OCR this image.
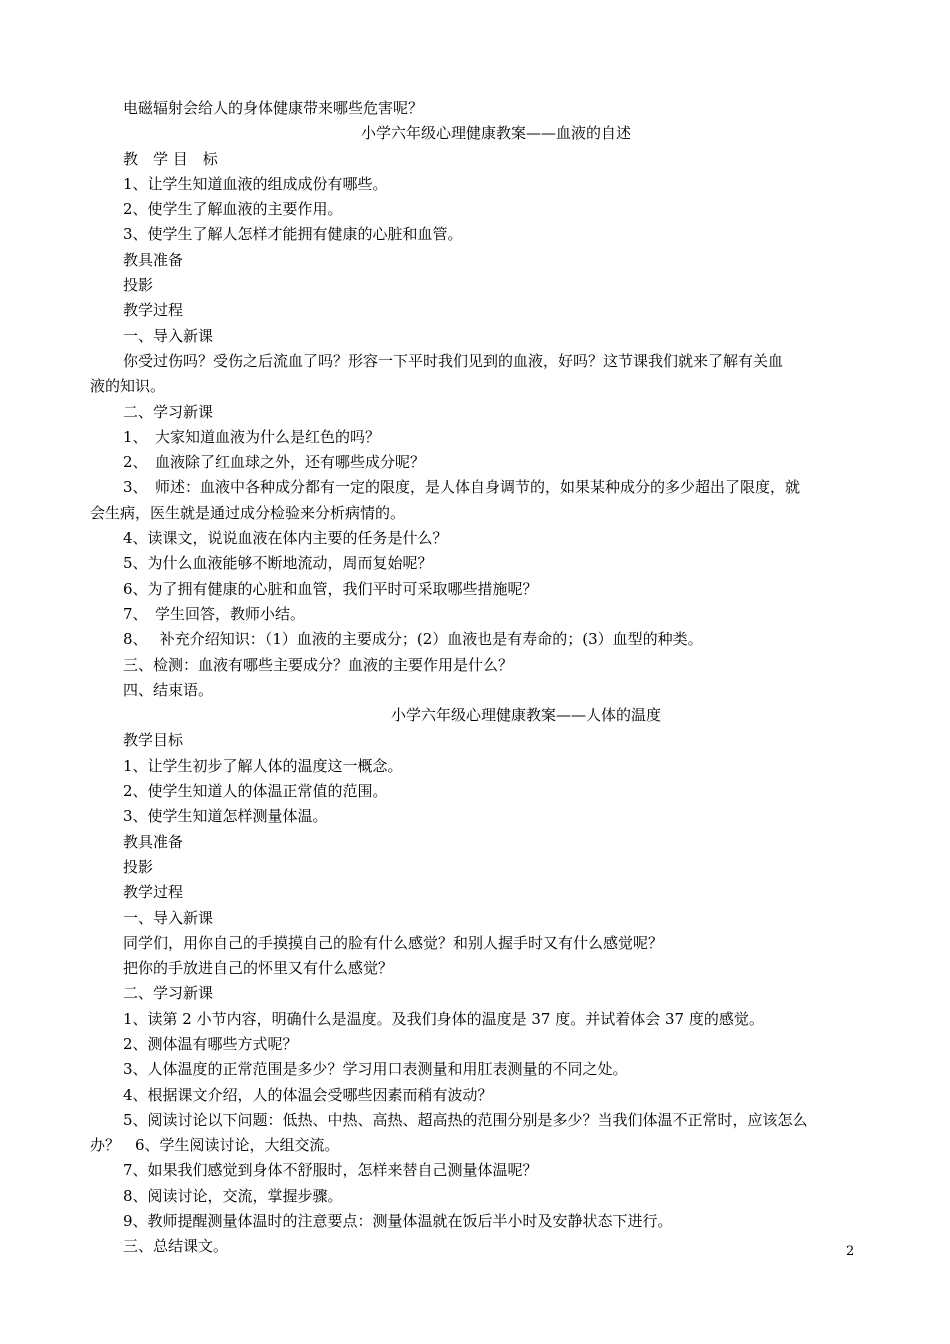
电磁辐射会给人的身体健康带来哪些危害呢？
小学六年级心理健康教案——血液的自述
教　学 目　标
1、让学生知道血液的组成成份有哪些。
2、使学生了解血液的主要作用。
3、使学生了解人怎样才能拥有健康的心脏和血管。
教具准备
投影
教学过程
一、导入新课
你受过伤吗？受伤之后流血了吗？形容一下平时我们见到的血液，好吗？这节课我们就来了解有关血
液的知识。
二、学习新课
1、　大家知道血液为什么是红色的吗？
2、　血液除了红血球之外，还有哪些成分呢？
3、　师述：血液中各种成分都有一定的限度，是人体自身调节的，如果某种成分的多少超出了限度，就
会生病，医生就是通过成分检验来分析病情的。
4、读课文，说说血液在体内主要的任务是什么？
5、为什么血液能够不断地流动，周而复始呢？
6、为了拥有健康的心脏和血管，我们平时可采取哪些措施呢？
7、　学生回答，教师小结。
8、　 补充介绍知识：（1）血液的主要成分；(2）血液也是有寿命的；(3）血型的种类。
三、检测：血液有哪些主要成分？血液的主要作用是什么？
四、结束语。
小学六年级心理健康教案——人体的温度
教学目标
1、让学生初步了解人体的温度这一概念。
2、使学生知道人的体温正常值的范围。
3、使学生知道怎样测量体温。
教具准备
投影
教学过程
一、导入新课
同学们，用你自己的手摸摸自己的脸有什么感觉？和别人握手时又有什么感觉呢？
把你的手放进自己的怀里又有什么感觉？
二、学习新课
1、读第 2 小节内容，明确什么是温度。及我们身体的温度是 37 度。并试着体会 37 度的感觉。
2、测体温有哪些方式呢？
3、人体温度的正常范围是多少？学习用口表测量和用肛表测量的不同之处。
4、根据课文介绍，人的体温会受哪些因素而稍有波动？
5、阅读讨论以下问题：低热、中热、高热、超高热的范围分别是多少？当我们体温不正常时，应该怎么
办？　6、学生阅读讨论，大组交流。
7、如果我们感觉到身体不舒服时，怎样来替自己测量体温呢？
8、阅读讨论，交流，掌握步骤。
9、教师提醒测量体温时的注意要点：测量体温就在饭后半小时及安静状态下进行。
三、总结课文。	2
